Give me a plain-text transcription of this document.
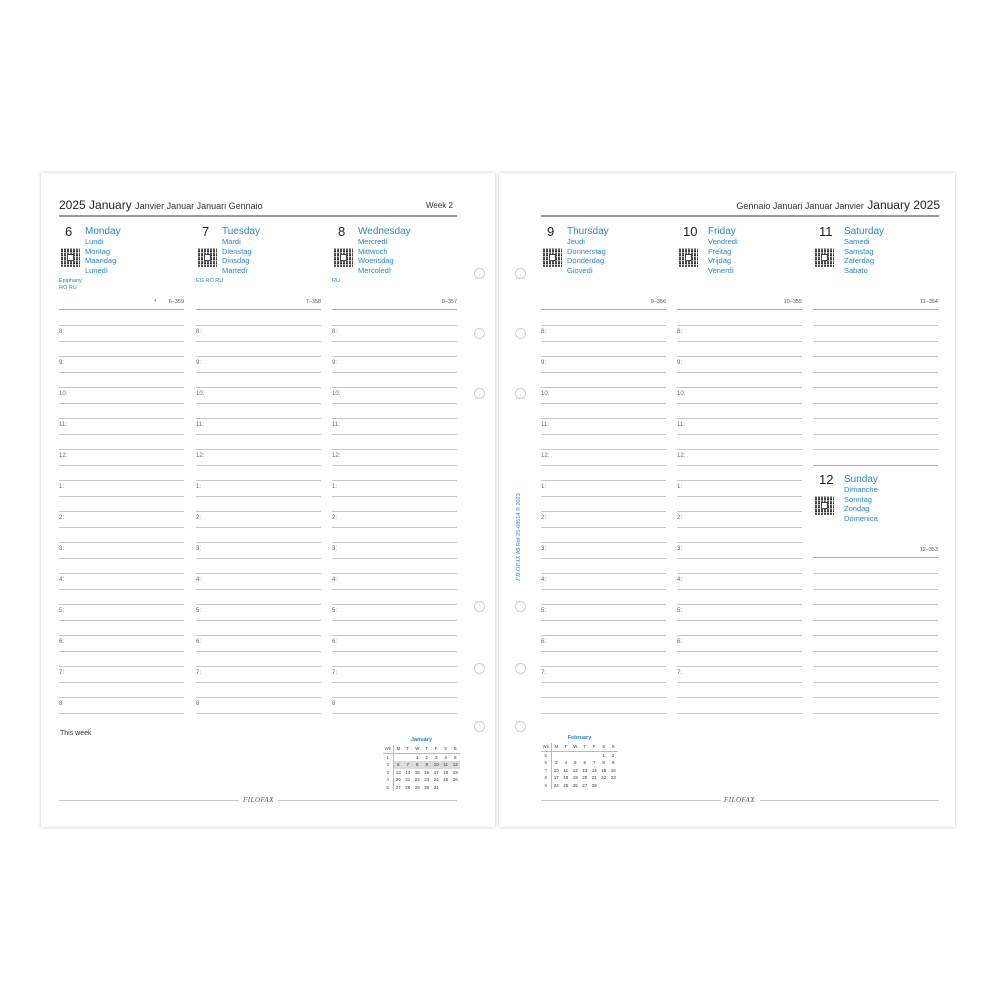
2025 January Janvier Januar Januari Gennaio	Week 2	Gennaio Januari Januar Janvier January 2025
6 Monday
Lundi
Montag
Maandag
Lunedì
Epiphany
RO RU
◐	6–359
8:
9:
10:
11:
12:
1:
2:
3:
4:
5:
6:
7:
8
7 Tuesday
Mardi
Dienstag
Dinsdag
Martedì
EG RO RU
7–358
8:
9:
10:
11:
12:
1:
2:
3:
4:
5:
6:
7:
8
8 Wednesday
Mercredi
Mittwoch
Woensdag
Mercoledì
RU
8–357
8:
9:
10:
11:
12:
1:
2:
3:
4:
5:
6:
7:
8
9 Thursday
Jeudi
Donnerstag
Donderdag
Giovedì
9–356
8:
9:
10:
11:
12:
1:
2:
3:
4:
5:
6:
7:
10 Friday
Vendredi
Freitag
Vrijdag
Venerdì
10–355
8:
9:
10:
11:
12:
1:
2:
3:
4:
5:
6:
7:
11 Saturday
Samedi
Samstag
Zaterdag
Sabato
11–354
12 Sunday
Dimanche
Sonntag
Zondag
Domenica
12–353
This week
FILOFAX	FILOFAX
FILOFAX A5 Ref 25-68514 © 2023
January
Wk	M	T	W	T	F	S	S
1			1	2	3	4	5
2	6	7	8	9	10	11	12
3	13	14	15	16	17	18	19
4	20	21	22	23	24	25	26
5	27	28	29	30	31		
February
Wk	M	T	W	T	F	S	S
5						1	2
6	3	4	5	6	7	8	9
7	10	11	12	13	14	15	16
8	17	18	19	20	21	22	23
9	24	25	26	27	28		
